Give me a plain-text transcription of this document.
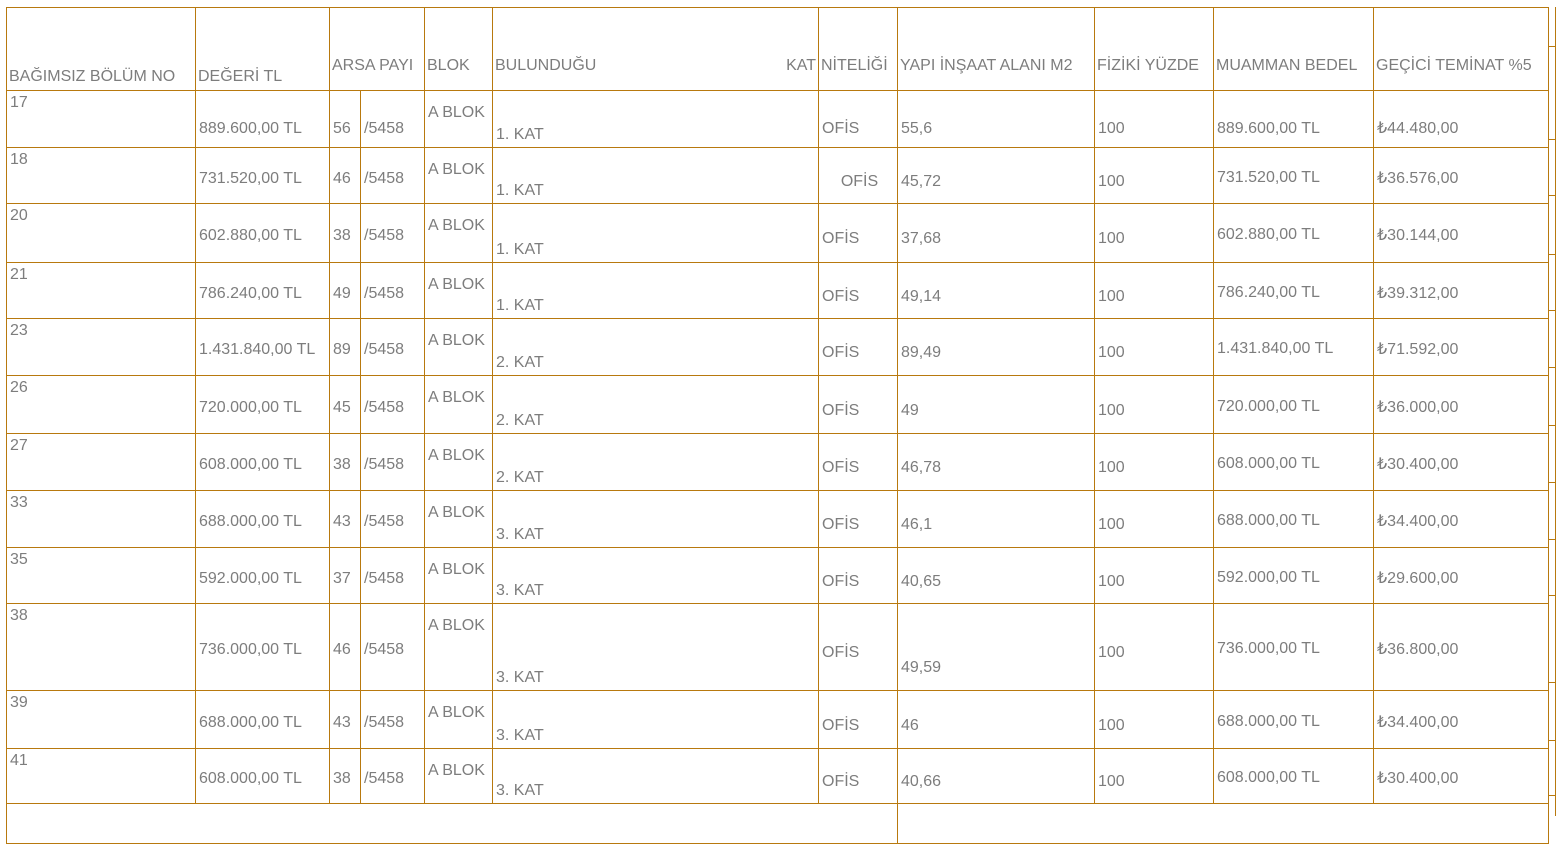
BAĞIMSIZ BÖLÜM NO	DEĞERİ TL	ARSA PAYI		BLOK	BULUNDUĞU KAT	NİTELİĞİ	YAPI İNŞAAT ALANI M2	FİZİKİ YÜZDE	MUAMMAN BEDEL	GEÇİCİ TEMİNAT %5
17	889.600,00 TL	56	/5458	A BLOK	1. KAT	OFİS	55,6	100	889.600,00 TL	₺44.480,00
18	731.520,00 TL	46	/5458	A BLOK	1. KAT	OFİS	45,72	100	731.520,00 TL	₺36.576,00
20	602.880,00 TL	38	/5458	A BLOK	1. KAT	OFİS	37,68	100	602.880,00 TL	₺30.144,00
21	786.240,00 TL	49	/5458	A BLOK	1. KAT	OFİS	49,14	100	786.240,00 TL	₺39.312,00
23	1.431.840,00 TL	89	/5458	A BLOK	2. KAT	OFİS	89,49	100	1.431.840,00 TL	₺71.592,00
26	720.000,00 TL	45	/5458	A BLOK	2. KAT	OFİS	49	100	720.000,00 TL	₺36.000,00
27	608.000,00 TL	38	/5458	A BLOK	2. KAT	OFİS	46,78	100	608.000,00 TL	₺30.400,00
33	688.000,00 TL	43	/5458	A BLOK	3. KAT	OFİS	46,1	100	688.000,00 TL	₺34.400,00
35	592.000,00 TL	37	/5458	A BLOK	3. KAT	OFİS	40,65	100	592.000,00 TL	₺29.600,00
38	736.000,00 TL	46	/5458	A BLOK	3. KAT	OFİS	49,59	100	736.000,00 TL	₺36.800,00
39	688.000,00 TL	43	/5458	A BLOK	3. KAT	OFİS	46	100	688.000,00 TL	₺34.400,00
41	608.000,00 TL	38	/5458	A BLOK	3. KAT	OFİS	40,66	100	608.000,00 TL	₺30.400,00
